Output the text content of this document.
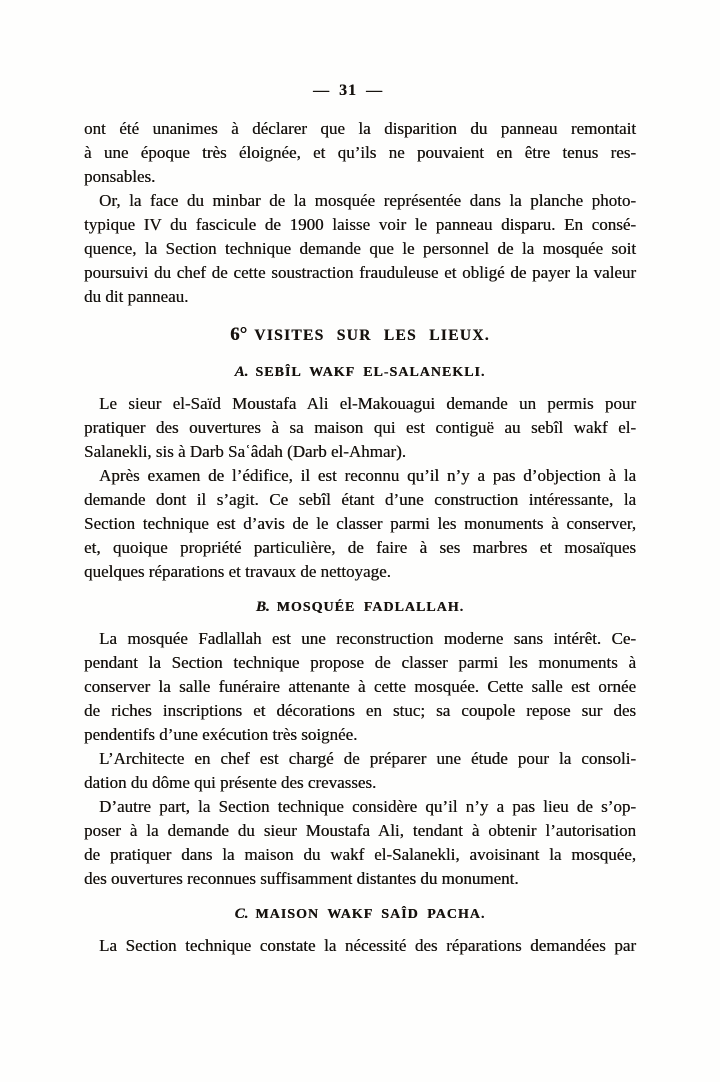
— 31 —
ont été unanimes à déclarer que la disparition du panneau remontait
à une époque très éloignée, et qu’ils ne pouvaient en être tenus res-
ponsables.
Or, la face du minbar de la mosquée représentée dans la planche photo-
typique IV du fascicule de 1900 laisse voir le panneau disparu. En consé-
quence, la Section technique demande que le personnel de la mosquée soit
poursuivi du chef de cette soustraction frauduleuse et obligé de payer la valeur
du dit panneau.
6° VISITES SUR LES LIEUX.
A. SEBÎL WAKF EL-SALANEKLI.
Le sieur el-Saïd Moustafa Ali el-Makouagui demande un permis pour
pratiquer des ouvertures à sa maison qui est contiguë au sebîl wakf el-
Salanekli, sis à Darb Saʿâdah (Darb el-Ahmar).
Après examen de l’édifice, il est reconnu qu’il n’y a pas d’objection à la
demande dont il s’agit. Ce sebîl étant d’une construction intéressante, la
Section technique est d’avis de le classer parmi les monuments à conserver,
et, quoique propriété particulière, de faire à ses marbres et mosaïques
quelques réparations et travaux de nettoyage.
B. MOSQUÉE FADLALLAH.
La mosquée Fadlallah est une reconstruction moderne sans intérêt. Ce-
pendant la Section technique propose de classer parmi les monuments à
conserver la salle funéraire attenante à cette mosquée. Cette salle est ornée
de riches inscriptions et décorations en stuc; sa coupole repose sur des
pendentifs d’une exécution très soignée.
L’Architecte en chef est chargé de préparer une étude pour la consoli-
dation du dôme qui présente des crevasses.
D’autre part, la Section technique considère qu’il n’y a pas lieu de s’op-
poser à la demande du sieur Moustafa Ali, tendant à obtenir l’autorisation
de pratiquer dans la maison du wakf el-Salanekli, avoisinant la mosquée,
des ouvertures reconnues suffisamment distantes du monument.
C. MAISON WAKF SAÎD PACHA.
La Section technique constate la nécessité des réparations demandées par
